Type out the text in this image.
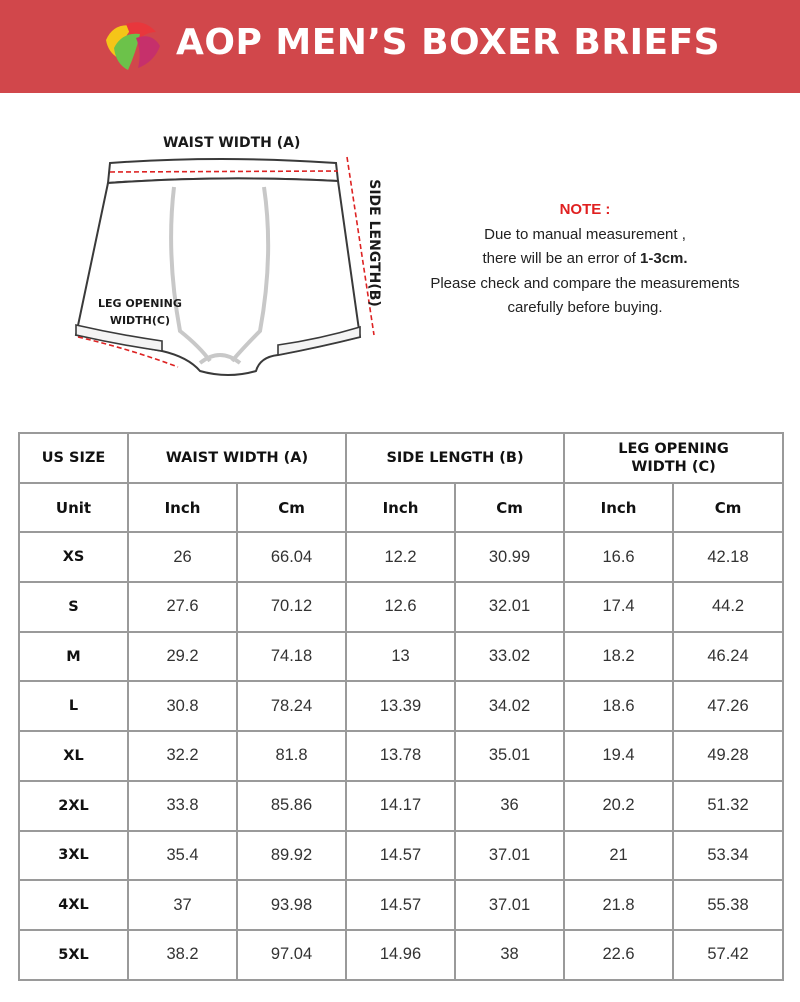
AOP MEN’S BOXER BRIEFS
WAIST WIDTH (A)
SIDE LENGTH(B)
LEG OPENING
WIDTH(C)
NOTE :
Due to manual measurement ,
there will be an error of 1-3cm.
Please check and compare the measurements
carefully before buying.
US SIZE	WAIST WIDTH (A)		SIDE LENGTH (B)		LEG OPENING
WIDTH (C)	

Unit	Inch	Cm	Inch	Cm	Inch	Cm
XS	26	66.04	12.2	30.99	16.6	42.18
S	27.6	70.12	12.6	32.01	17.4	44.2
M	29.2	74.18	13	33.02	18.2	46.24
L	30.8	78.24	13.39	34.02	18.6	47.26
XL	32.2	81.8	13.78	35.01	19.4	49.28
2XL	33.8	85.86	14.17	36	20.2	51.32
3XL	35.4	89.92	14.57	37.01	21	53.34
4XL	37	93.98	14.57	37.01	21.8	55.38
5XL	38.2	97.04	14.96	38	22.6	57.42
